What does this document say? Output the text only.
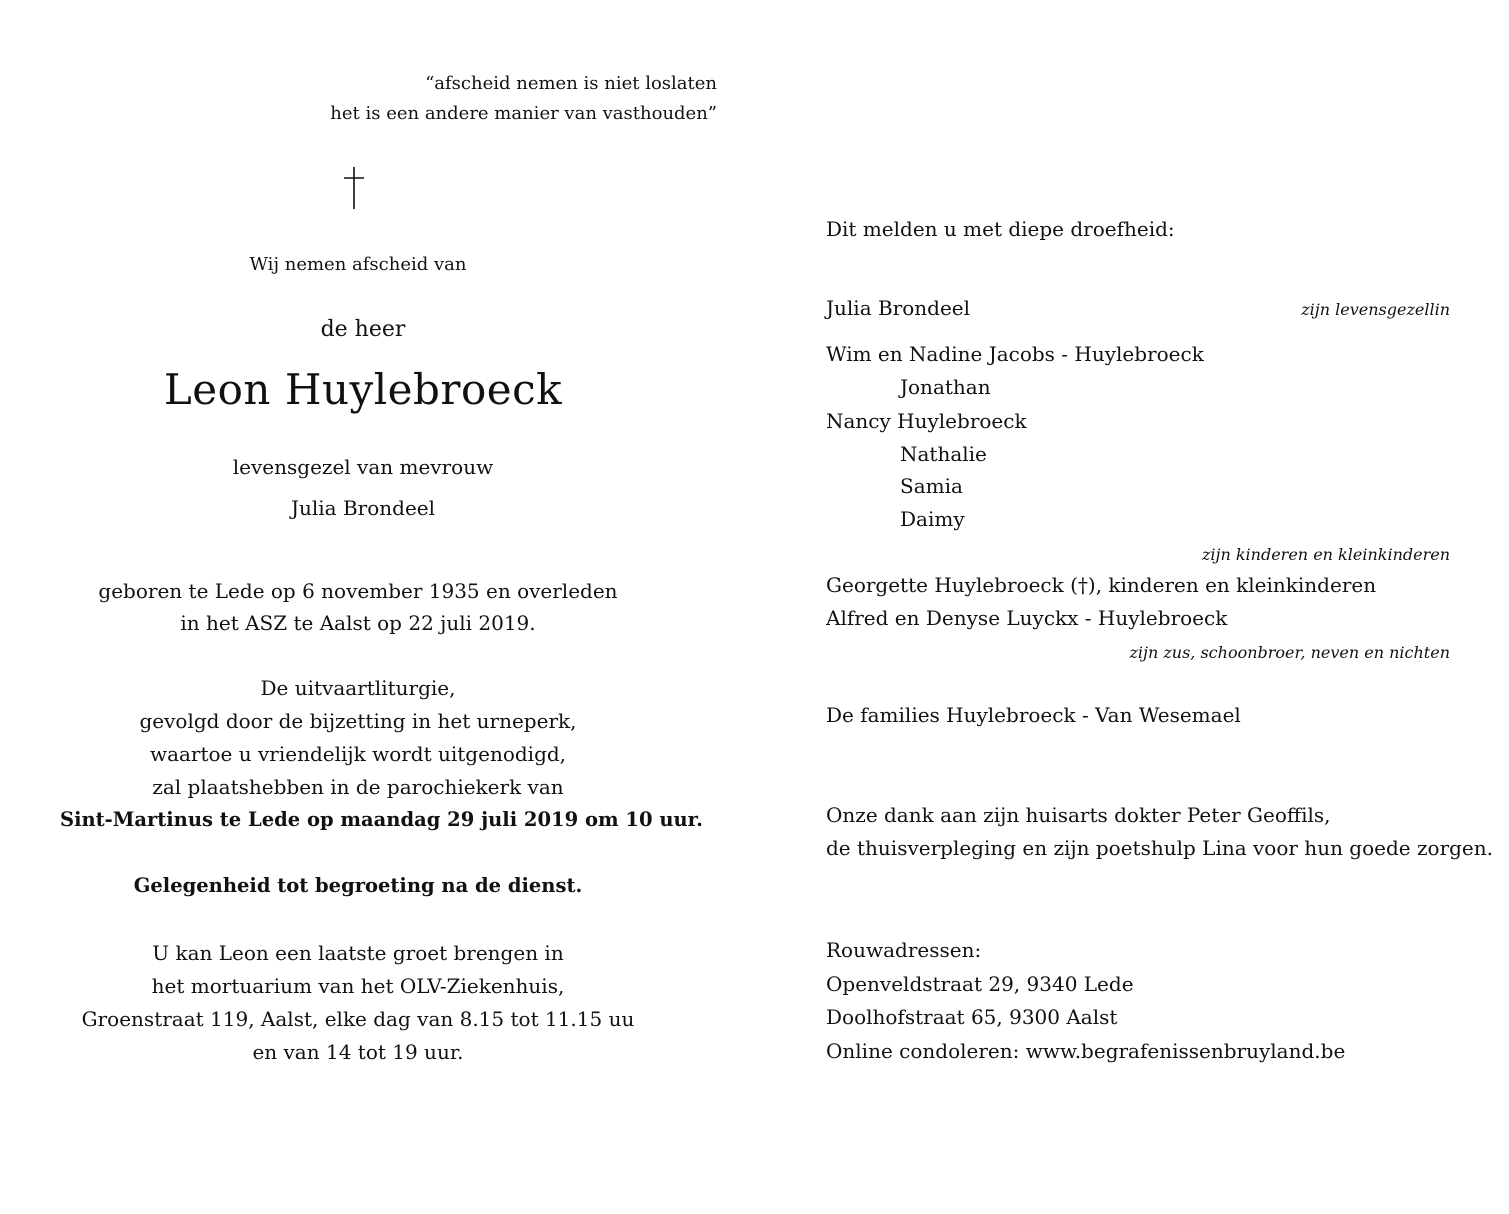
“afscheid nemen is niet loslaten
het is een andere manier van vasthouden”
Wij nemen afscheid van
de heer
Leon Huylebroeck
levensgezel van mevrouw
Julia Brondeel
geboren te Lede op 6 november 1935 en overleden
in het ASZ te Aalst op 22 juli 2019.
De uitvaartliturgie,
gevolgd door de bijzetting in het urneperk,
waartoe u vriendelijk wordt uitgenodigd,
zal plaatshebben in de parochiekerk van
Sint-Martinus te Lede op maandag 29 juli 2019 om 10 uur.
Gelegenheid tot begroeting na de dienst.
U kan Leon een laatste groet brengen in
het mortuarium van het OLV-Ziekenhuis,
Groenstraat 119, Aalst, elke dag van 8.15 tot 11.15 uu
en van 14 tot 19 uur.
Dit melden u met diepe droefheid:
Julia Brondeel	zijn levensgezellin
Wim en Nadine Jacobs - Huylebroeck
Jonathan
Nancy Huylebroeck
Nathalie
Samia
Daimy
zijn kinderen en kleinkinderen
Georgette Huylebroeck (†), kinderen en kleinkinderen
Alfred en Denyse Luyckx - Huylebroeck
zijn zus, schoonbroer, neven en nichten
De families Huylebroeck - Van Wesemael
Onze dank aan zijn huisarts dokter Peter Geoffils,
de thuisverpleging en zijn poetshulp Lina voor hun goede zorgen.
Rouwadressen:
Openveldstraat 29, 9340 Lede
Doolhofstraat 65, 9300 Aalst
Online condoleren: www.begrafenissenbruyland.be
